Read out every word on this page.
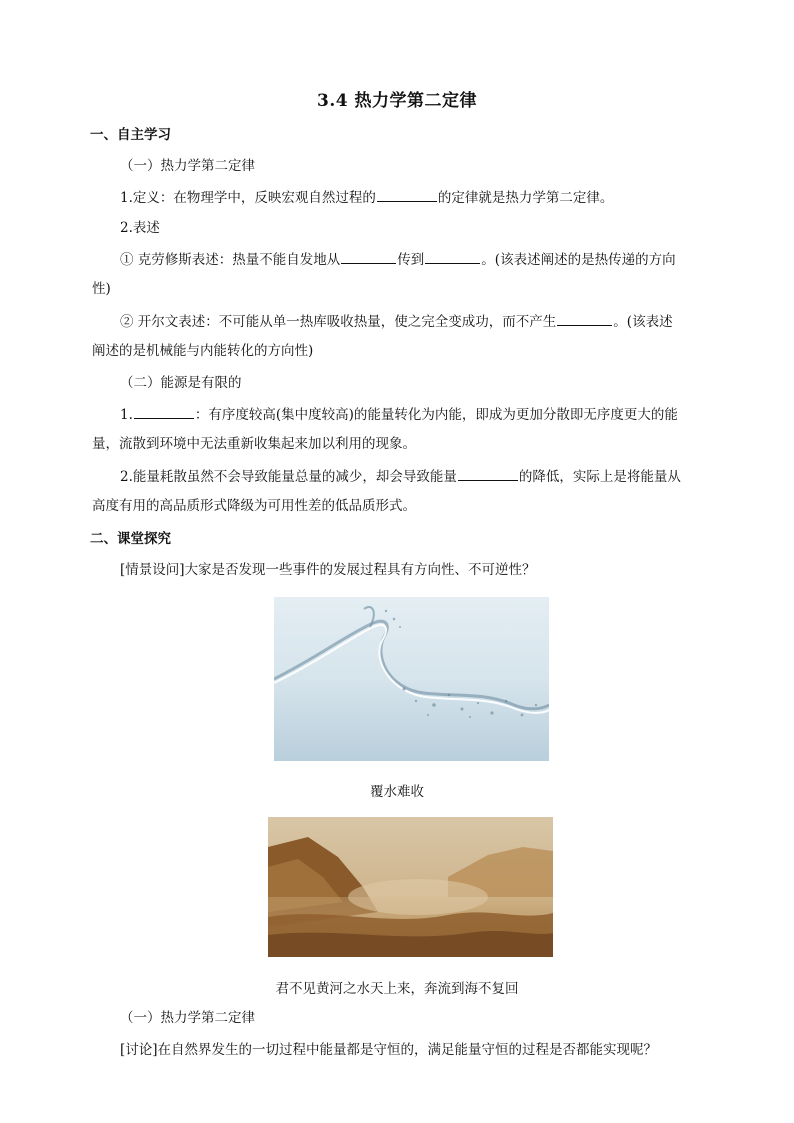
3.4 热力学第二定律
一、自主学习
（一）热力学第二定律
1.定义：在物理学中，反映宏观自然过程的	的定律就是热力学第二定律。
2.表述
① 克劳修斯表述：热量不能自发地从	传到	。(该表述阐述的是热传递的方向
性)
② 开尔文表述：不可能从单一热库吸收热量，使之完全变成功，而不产生	。(该表述
阐述的是机械能与内能转化的方向性)
（二）能源是有限的
1.	：有序度较高(集中度较高)的能量转化为内能，即成为更加分散即无序度更大的能
量，流散到环境中无法重新收集起来加以利用的现象。
2.能量耗散虽然不会导致能量总量的减少，却会导致能量	的降低，实际上是将能量从
高度有用的高品质形式降级为可用性差的低品质形式。
二、课堂探究
[情景设问]大家是否发现一些事件的发展过程具有方向性、不可逆性？
覆水难收
君不见黄河之水天上来，奔流到海不复回
（一）热力学第二定律
[讨论]在自然界发生的一切过程中能量都是守恒的，满足能量守恒的过程是否都能实现呢？
